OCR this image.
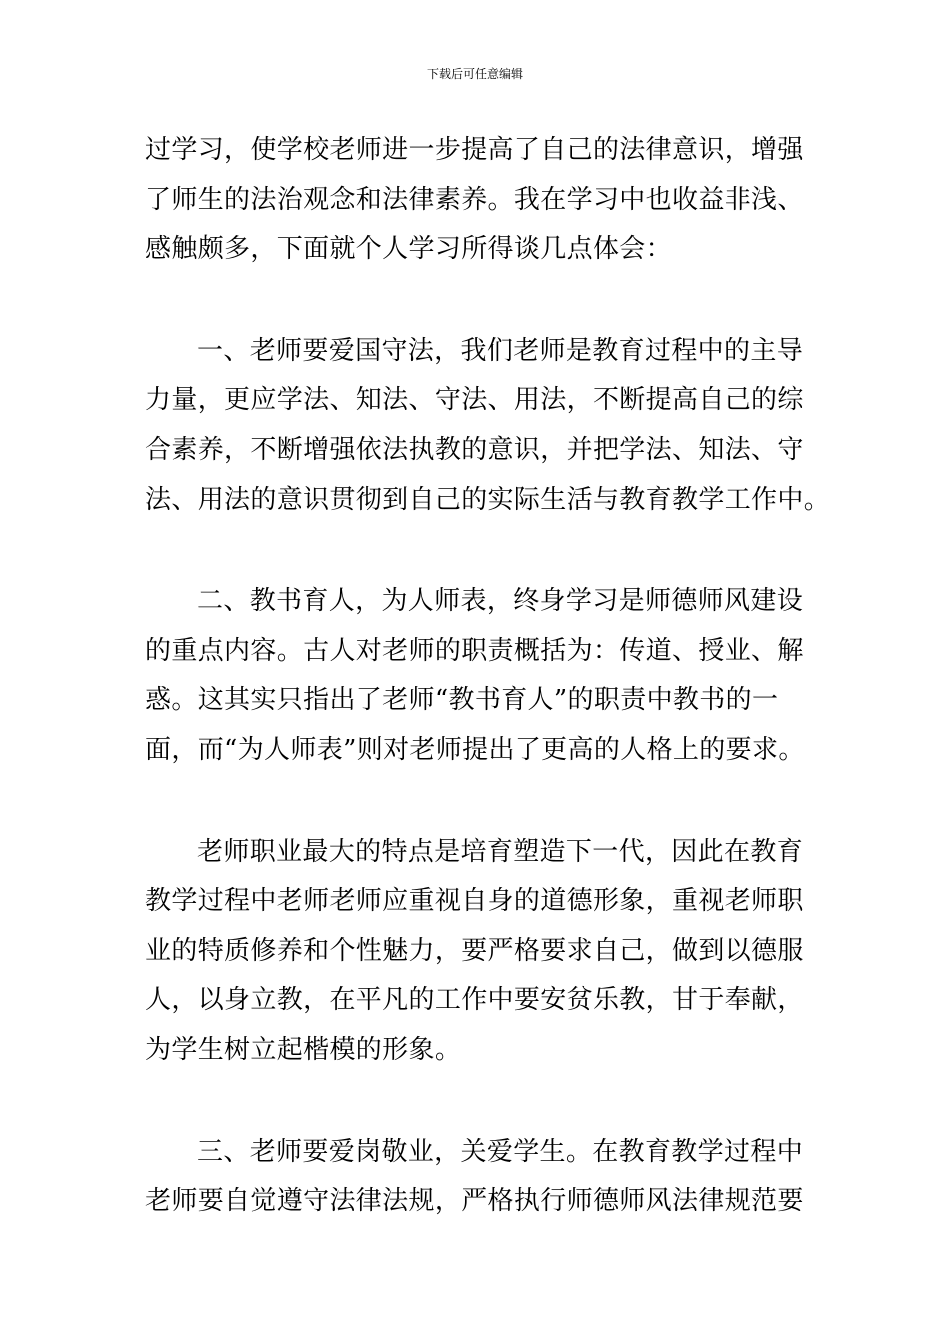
下载后可任意编辑
过学习，使学校老师进一步提高了自己的法律意识，增强
了师生的法治观念和法律素养。我在学习中也收益非浅、
感触颇多，下面就个人学习所得谈几点体会：
一、老师要爱国守法，我们老师是教育过程中的主导
力量，更应学法、知法、守法、用法，不断提高自己的综
合素养，不断增强依法执教的意识，并把学法、知法、守
法、用法的意识贯彻到自己的实际生活与教育教学工作中。
二、教书育人，为人师表，终身学习是师德师风建设
的重点内容。古人对老师的职责概括为：传道、授业、解
惑。这其实只指出了老师“教书育人”的职责中教书的一
面，而“为人师表”则对老师提出了更高的人格上的要求。
老师职业最大的特点是培育塑造下一代，因此在教育
教学过程中老师老师应重视自身的道德形象，重视老师职
业的特质修养和个性魅力，要严格要求自己，做到以德服
人，以身立教，在平凡的工作中要安贫乐教，甘于奉献，
为学生树立起楷模的形象。
三、老师要爱岗敬业，关爱学生。在教育教学过程中
老师要自觉遵守法律法规，严格执行师德师风法律规范要
